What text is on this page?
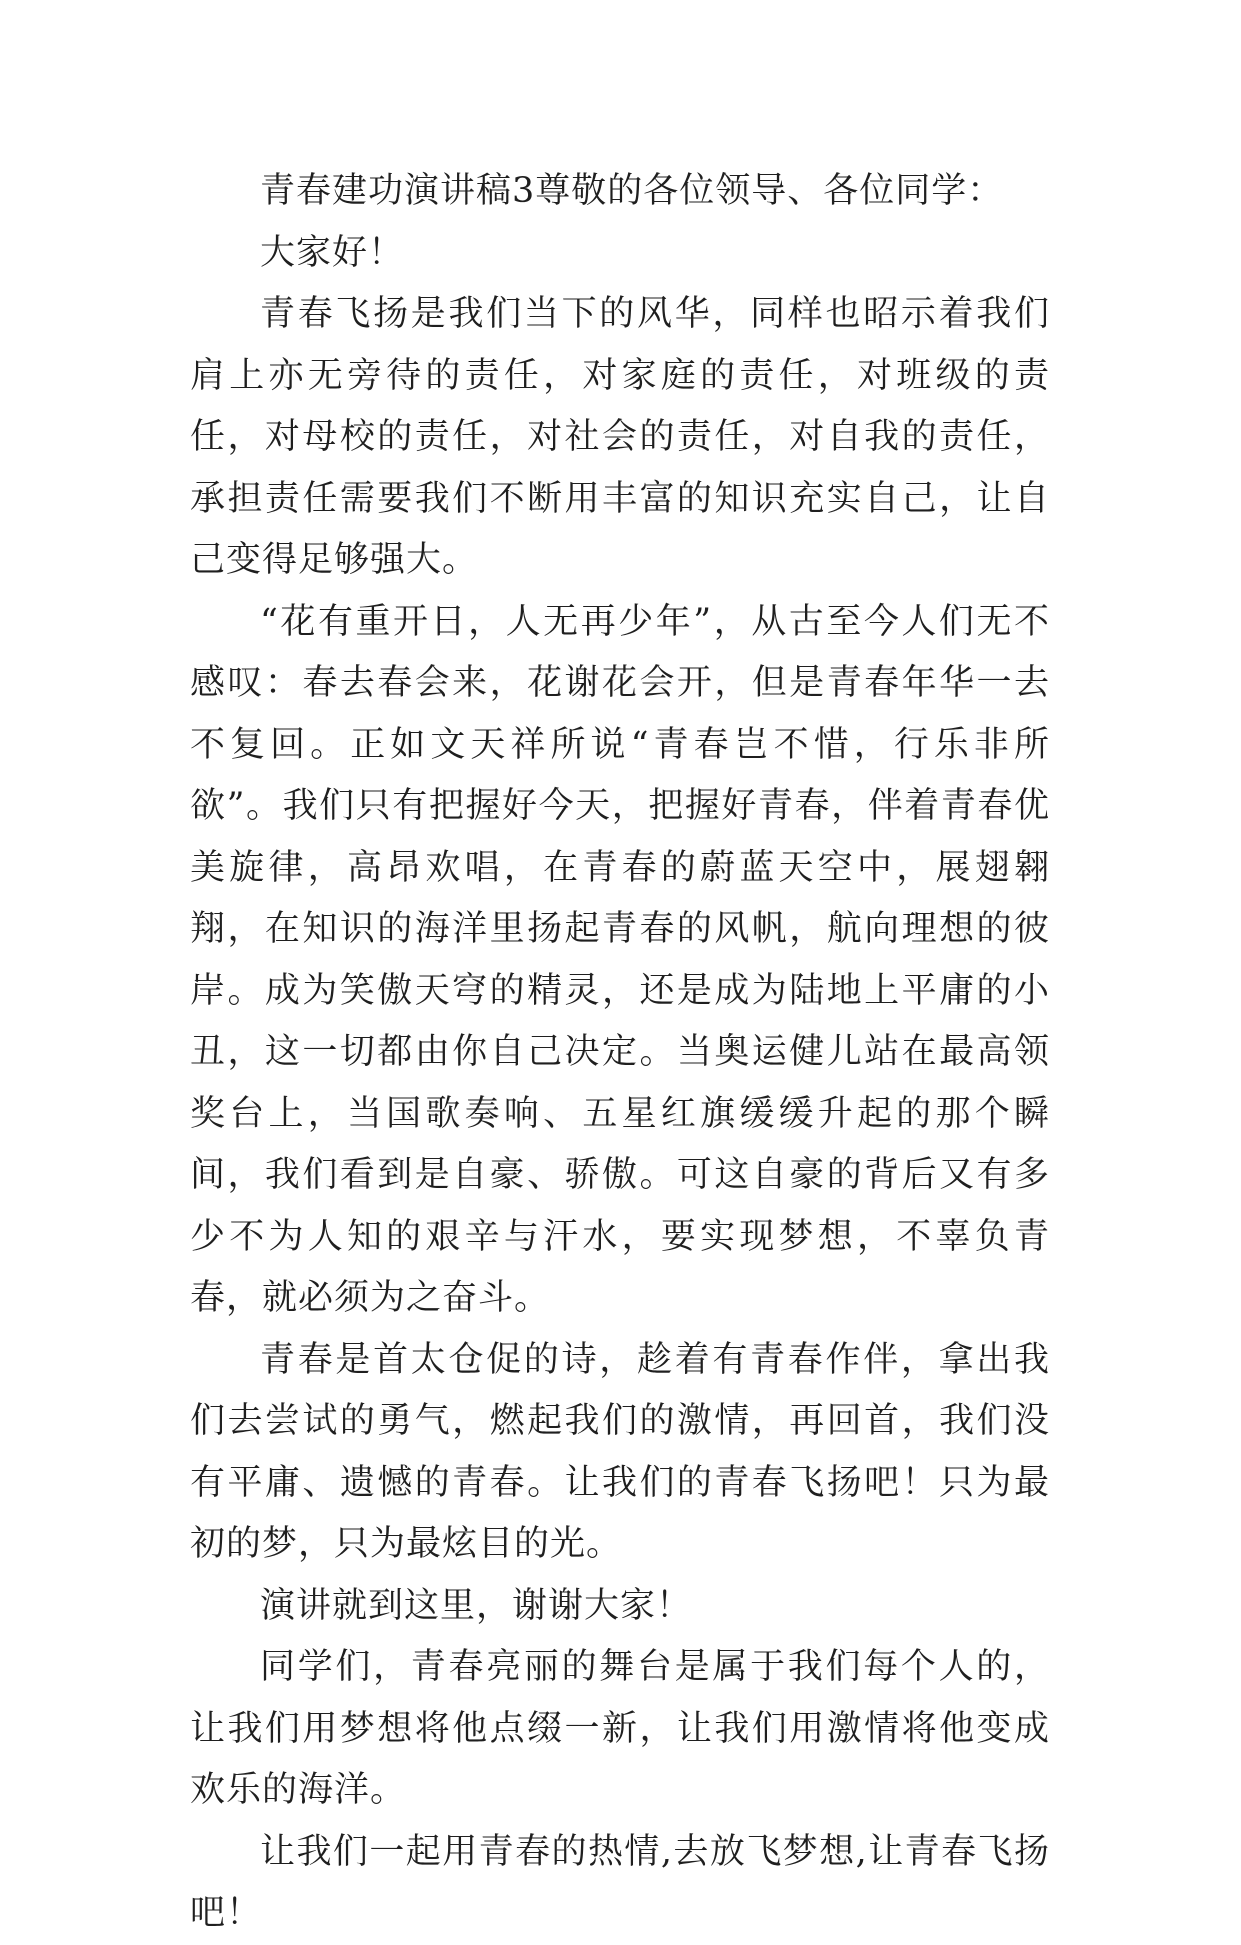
青春建功演讲稿3尊敬的各位领导、各位同学：

大家好！

青春飞扬是我们当下的风华，同样也昭示着我们肩上亦无旁待的责任，对家庭的责任，对班级的责任，对母校的责任，对社会的责任，对自我的责任，承担责任需要我们不断用丰富的知识充实自己，让自己变得足够强大。

“花有重开日，人无再少年”，从古至今人们无不感叹：春去春会来，花谢花会开，但是青春年华一去不复回。正如文天祥所说“青春岂不惜，行乐非所欲”。我们只有把握好今天，把握好青春，伴着青春优美旋律，高昂欢唱，在青春的蔚蓝天空中，展翅翱翔，在知识的海洋里扬起青春的风帆，航向理想的彼岸。成为笑傲天穹的精灵，还是成为陆地上平庸的小丑，这一切都由你自己决定。当奥运健儿站在最高领奖台上，当国歌奏响、五星红旗缓缓升起的那个瞬间，我们看到是自豪、骄傲。可这自豪的背后又有多少不为人知的艰辛与汗水，要实现梦想，不辜负青春，就必须为之奋斗。

青春是首太仓促的诗，趁着有青春作伴，拿出我们去尝试的勇气，燃起我们的激情，再回首，我们没有平庸、遗憾的青春。让我们的青春飞扬吧！只为最初的梦，只为最炫目的光。

演讲就到这里，谢谢大家！

同学们，青春亮丽的舞台是属于我们每个人的，让我们用梦想将他点缀一新，让我们用激情将他变成欢乐的海洋。

让我们一起用青春的热情,去放飞梦想,让青春飞扬吧！
